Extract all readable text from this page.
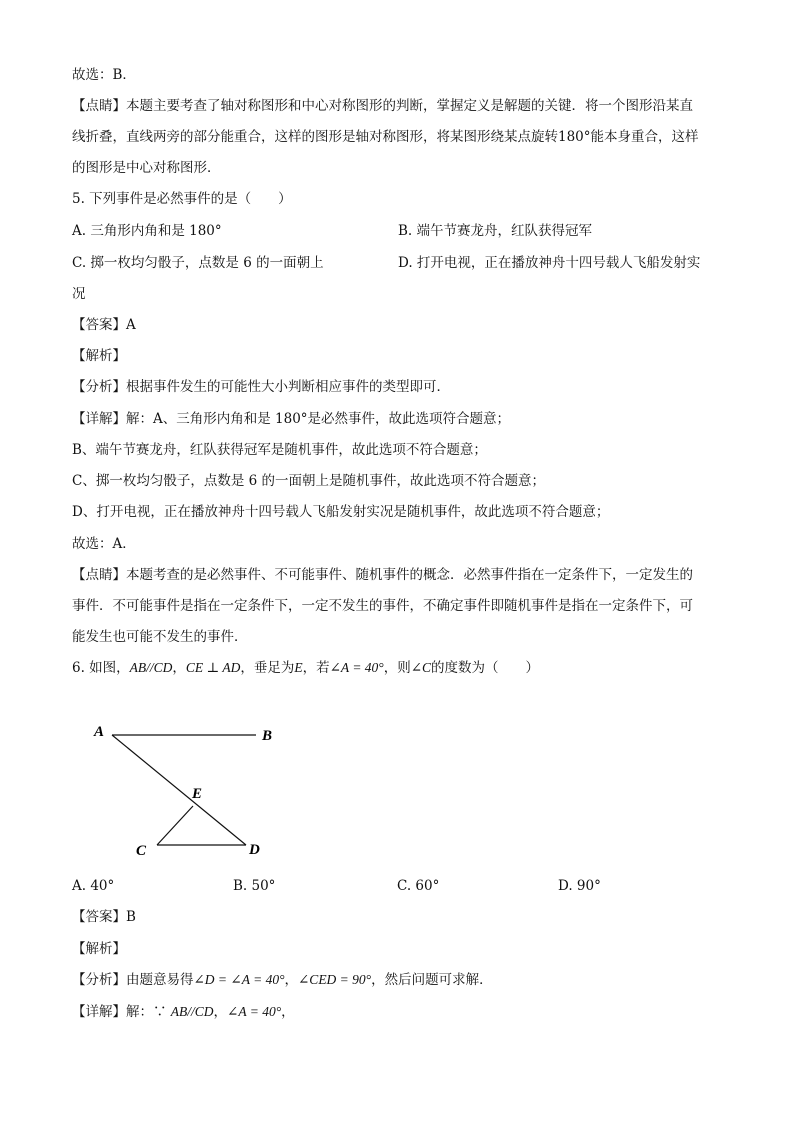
故选：B．
【点睛】本题主要考查了轴对称图形和中心对称图形的判断，掌握定义是解题的关键．将一个图形沿某直
线折叠，直线两旁的部分能重合，这样的图形是轴对称图形，将某图形绕某点旋转180°能本身重合，这样
的图形是中心对称图形．
5. 下列事件是必然事件的是（　　）
A. 三角形内角和是 180°	B. 端午节赛龙舟，红队获得冠军
C. 掷一枚均匀骰子，点数是 6 的一面朝上	D. 打开电视，正在播放神舟十四号载人飞船发射实
况
【答案】A
【解析】
【分析】根据事件发生的可能性大小判断相应事件的类型即可．
【详解】解：A、三角形内角和是 180°是必然事件，故此选项符合题意；
B、端午节赛龙舟，红队获得冠军是随机事件，故此选项不符合题意；
C、掷一枚均匀骰子，点数是 6 的一面朝上是随机事件，故此选项不符合题意；
D、打开电视，正在播放神舟十四号载人飞船发射实况是随机事件，故此选项不符合题意；
故选：A．
【点睛】本题考查的是必然事件、不可能事件、随机事件的概念．必然事件指在一定条件下，一定发生的
事件．不可能事件是指在一定条件下，一定不发生的事件，不确定事件即随机事件是指在一定条件下，可
能发生也可能不发生的事件．
6. 如图，AB//CD，CE ⊥ AD，垂足为E，若∠A = 40°，则∠C的度数为（　　）
A	B
E
C	D
A. 40°	B. 50°	C. 60°	D. 90°
【答案】B
【解析】
【分析】由题意易得∠D = ∠A = 40°，∠CED = 90°，然后问题可求解．
【详解】解：∵ AB//CD，∠A = 40°，
